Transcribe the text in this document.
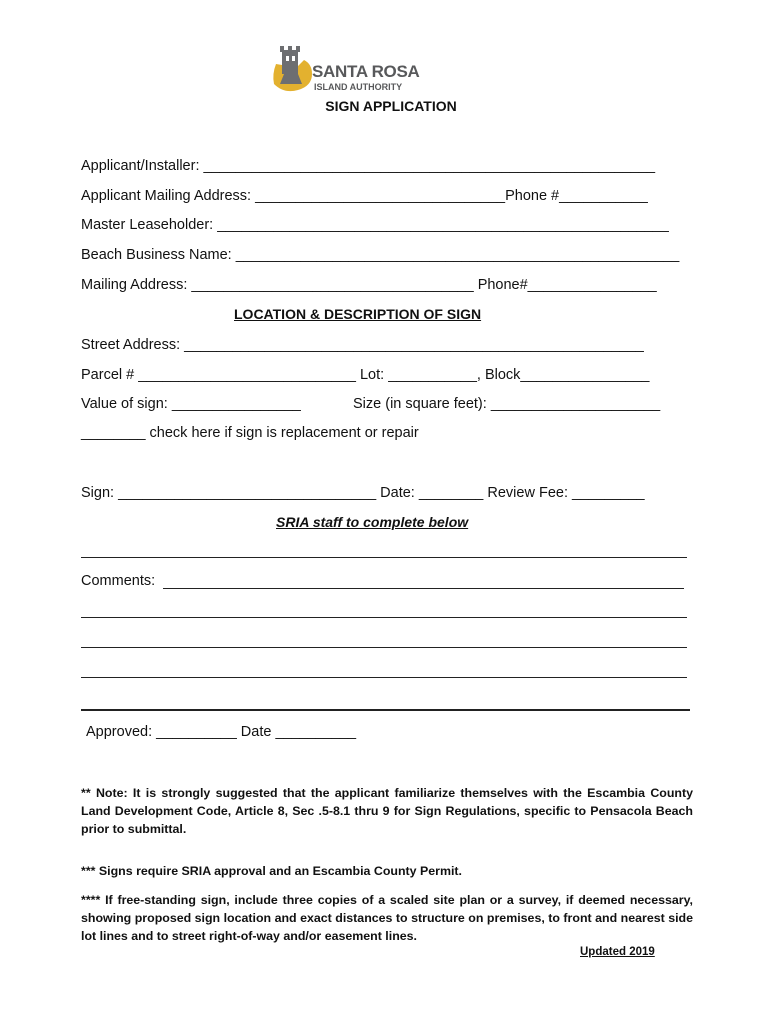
SANTA ROSA
ISLAND AUTHORITY
SIGN APPLICATION
Applicant/Installer: ________________________________________________________
Applicant Mailing Address: _______________________________Phone #___________
Master Leaseholder: ________________________________________________________
Beach Business Name: _______________________________________________________
Mailing Address: ___________________________________ Phone#________________
LOCATION & DESCRIPTION OF SIGN
Street Address: _________________________________________________________
Parcel # ___________________________ Lot: ___________, Block________________
Value of sign: ________________	Size (in square feet): _____________________
________ check here if sign is replacement or repair
Sign: ________________________________ Date: ________ Review Fee: _________
SRIA staff to complete below
Comments:
Approved: __________ Date __________
** Note: It is strongly suggested that the applicant familiarize themselves with the Escambia County Land Development Code, Article 8, Sec .5-8.1 thru 9 for Sign Regulations, specific to Pensacola Beach prior to submittal.
*** Signs require SRIA approval and an Escambia County Permit.
**** If free-standing sign, include three copies of a scaled site plan or a survey, if deemed necessary, showing proposed sign location and exact distances to structure on premises, to front and nearest side lot lines and to street right-of-way and/or easement lines.
Updated 2019
